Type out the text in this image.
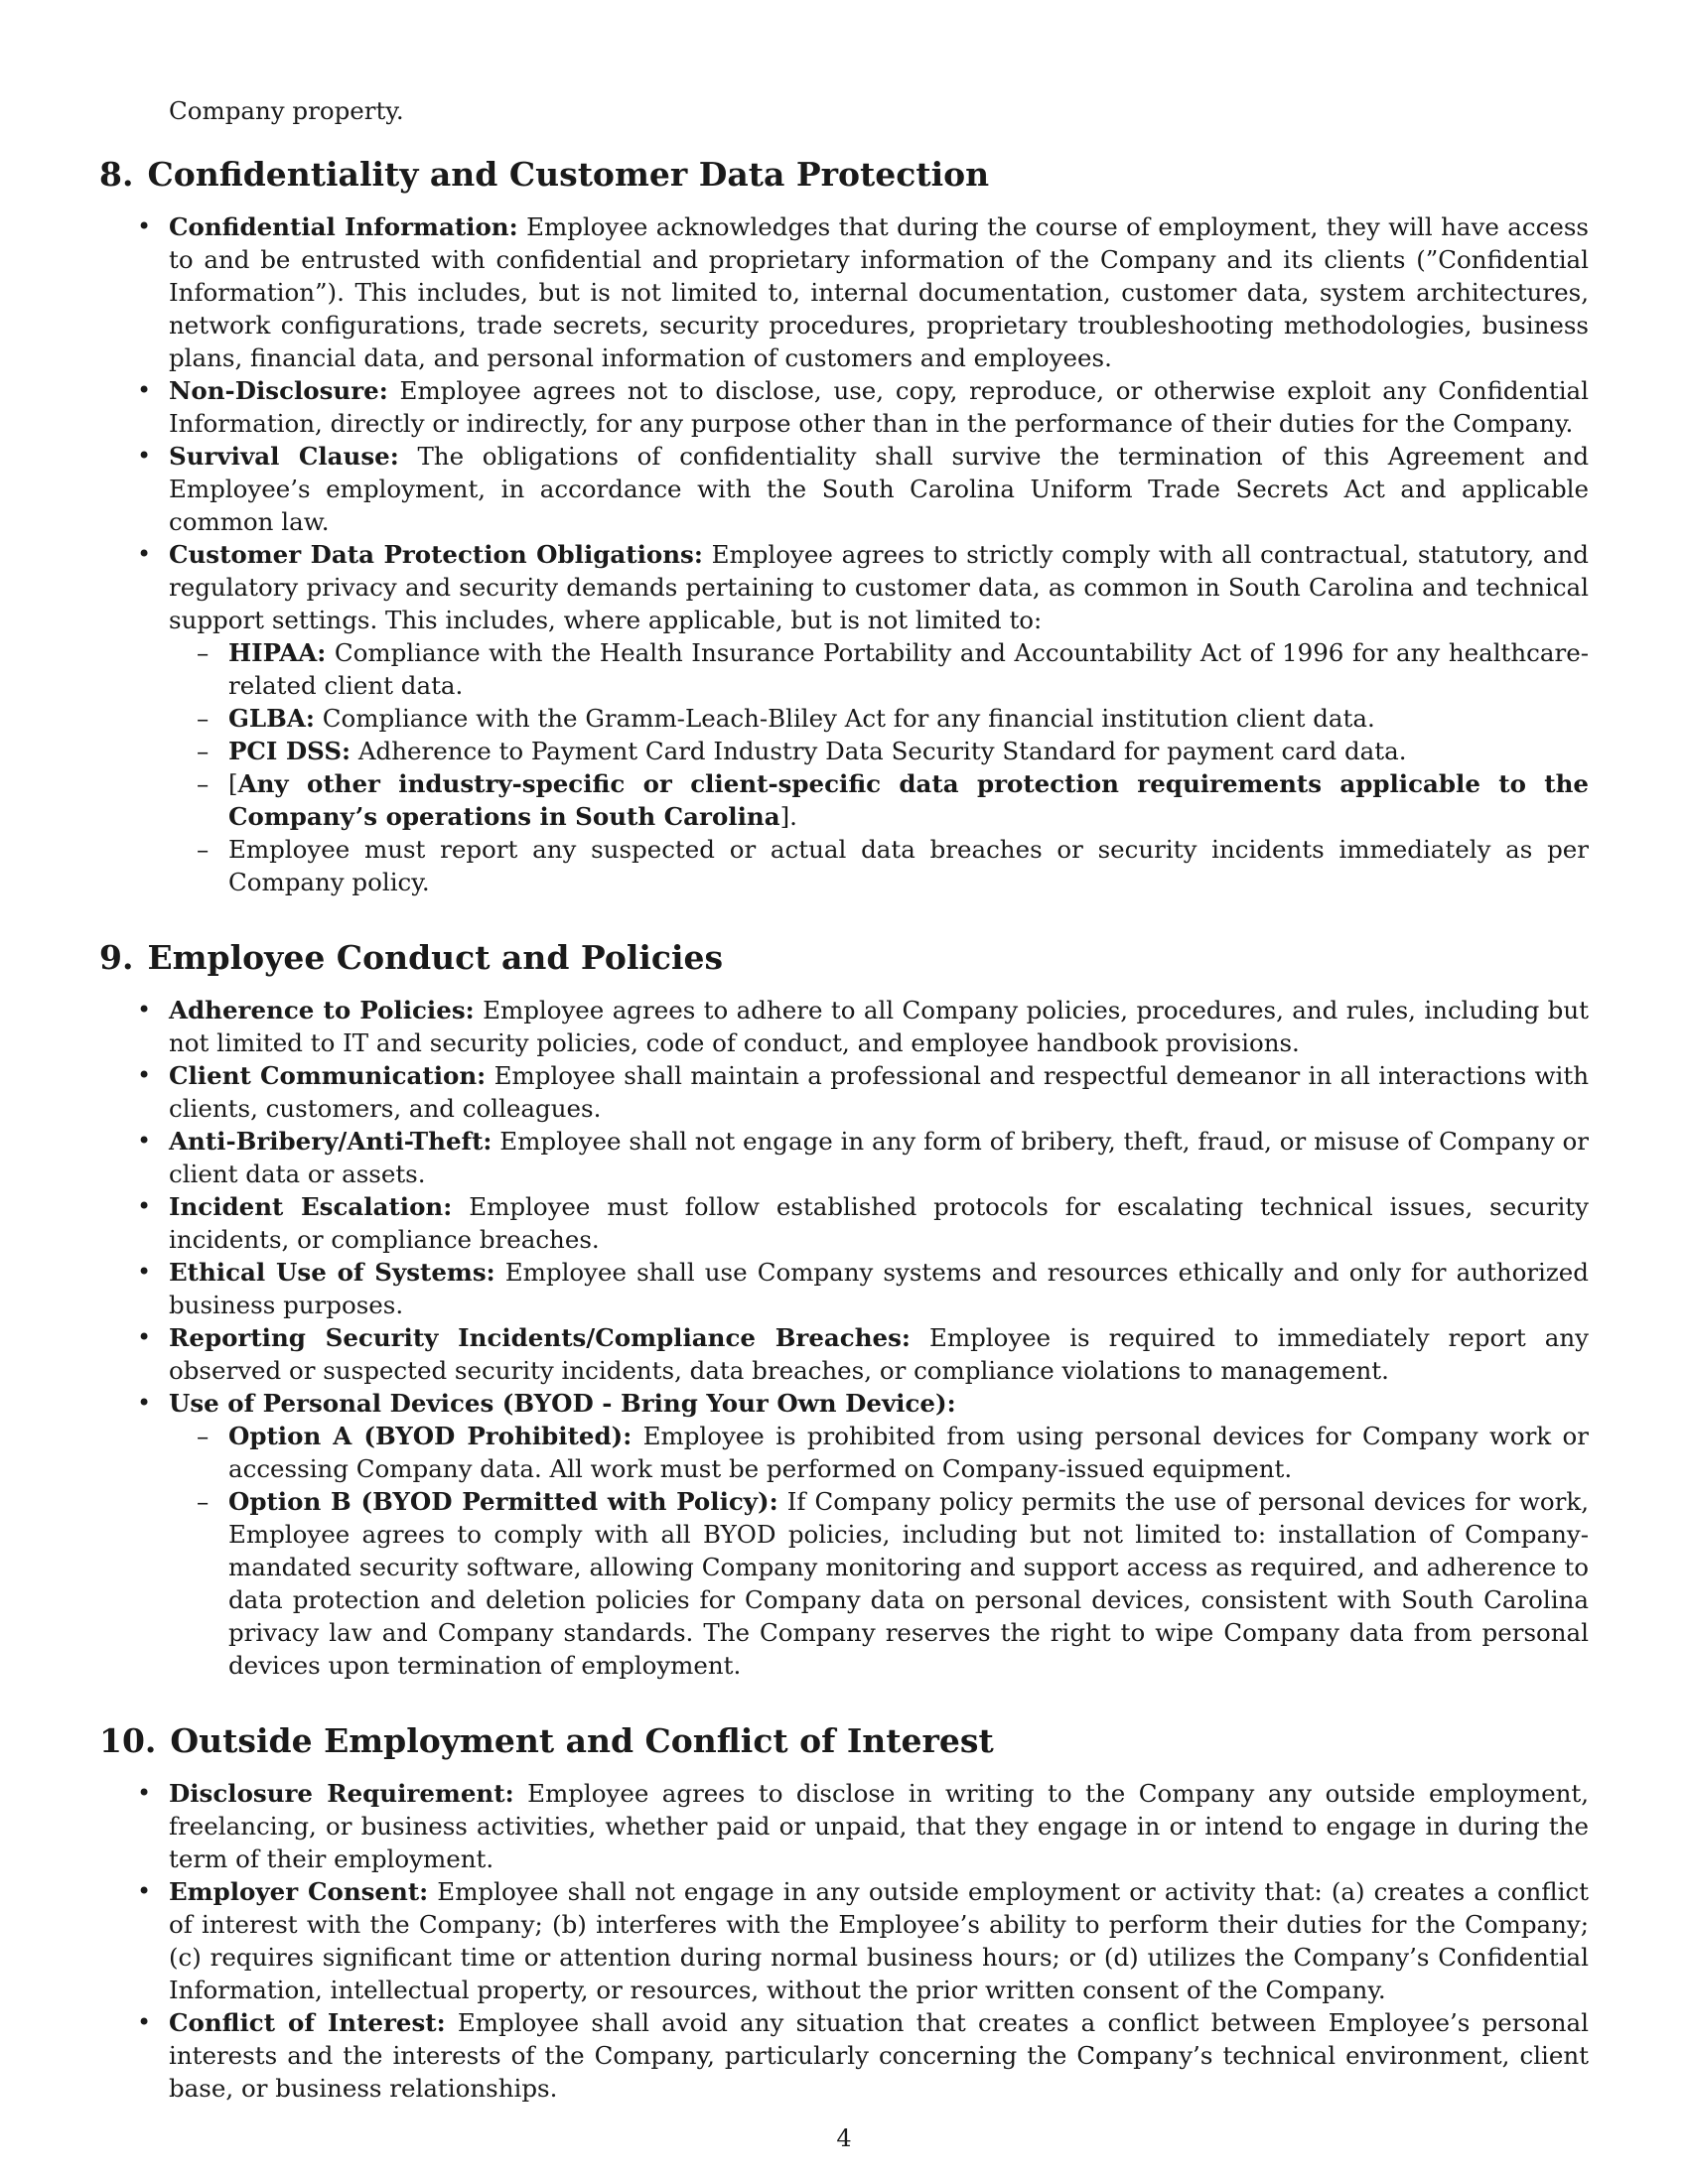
Company property.

8. Confidentiality and Customer Data Protection
• Confidential Information: Employee acknowledges that during the course of employment, they will have access to and be entrusted with confidential and proprietary information of the Company and its clients (”Confidential Information”). This includes, but is not limited to, internal documentation, customer data, system architectures, network configurations, trade secrets, security procedures, proprietary troubleshooting methodologies, business plans, financial data, and personal information of customers and employees.
• Non-Disclosure: Employee agrees not to disclose, use, copy, reproduce, or otherwise exploit any Confidential Information, directly or indirectly, for any purpose other than in the performance of their duties for the Company.
• Survival Clause: The obligations of confidentiality shall survive the termination of this Agreement and Employee’s employment, in accordance with the South Carolina Uniform Trade Secrets Act and applicable common law.
• Customer Data Protection Obligations: Employee agrees to strictly comply with all contractual, statutory, and regulatory privacy and security demands pertaining to customer data, as common in South Carolina and technical support settings. This includes, where applicable, but is not limited to:
– HIPAA: Compliance with the Health Insurance Portability and Accountability Act of 1996 for any healthcare-related client data.
– GLBA: Compliance with the Gramm-Leach-Bliley Act for any financial institution client data.
– PCI DSS: Adherence to Payment Card Industry Data Security Standard for payment card data.
– [Any other industry-specific or client-specific data protection requirements applicable to the Company’s operations in South Carolina].
– Employee must report any suspected or actual data breaches or security incidents immediately as per Company policy.
9. Employee Conduct and Policies
• Adherence to Policies: Employee agrees to adhere to all Company policies, procedures, and rules, including but not limited to IT and security policies, code of conduct, and employee handbook provisions.
• Client Communication: Employee shall maintain a professional and respectful demeanor in all interactions with clients, customers, and colleagues.
• Anti-Bribery/Anti-Theft: Employee shall not engage in any form of bribery, theft, fraud, or misuse of Company or client data or assets.
• Incident Escalation: Employee must follow established protocols for escalating technical issues, security incidents, or compliance breaches.
• Ethical Use of Systems: Employee shall use Company systems and resources ethically and only for authorized business purposes.
• Reporting Security Incidents/Compliance Breaches: Employee is required to immediately report any observed or suspected security incidents, data breaches, or compliance violations to management.
• Use of Personal Devices (BYOD - Bring Your Own Device):
– Option A (BYOD Prohibited): Employee is prohibited from using personal devices for Company work or accessing Company data. All work must be performed on Company-issued equipment.
– Option B (BYOD Permitted with Policy): If Company policy permits the use of personal devices for work, Employee agrees to comply with all BYOD policies, including but not limited to: installation of Company-mandated security software, allowing Company monitoring and support access as required, and adherence to data protection and deletion policies for Company data on personal devices, consistent with South Carolina privacy law and Company standards. The Company reserves the right to wipe Company data from personal devices upon termination of employment.
10. Outside Employment and Conflict of Interest
• Disclosure Requirement: Employee agrees to disclose in writing to the Company any outside employment, freelancing, or business activities, whether paid or unpaid, that they engage in or intend to engage in during the term of their employment.
• Employer Consent: Employee shall not engage in any outside employment or activity that: (a) creates a conflict of interest with the Company; (b) interferes with the Employee’s ability to perform their duties for the Company; (c) requires significant time or attention during normal business hours; or (d) utilizes the Company’s Confidential Information, intellectual property, or resources, without the prior written consent of the Company.
• Conflict of Interest: Employee shall avoid any situation that creates a conflict between Employee’s personal interests and the interests of the Company, particularly concerning the Company’s technical environment, client base, or business relationships.
4
